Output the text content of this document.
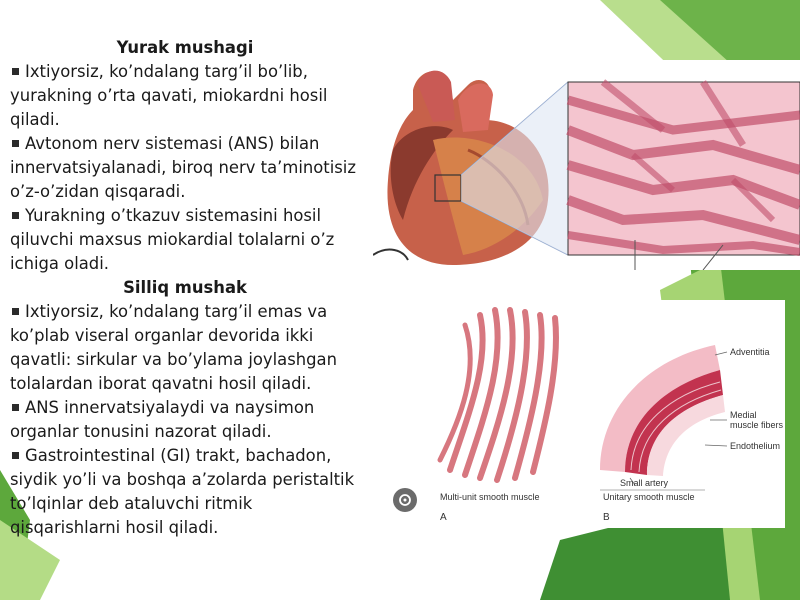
Yurak mushagi
Ixtiyorsiz, ko’ndalang targ’il bo’lib, yurakning o’rta qavati, miokardni hosil qiladi.
Avtonom nerv sistemasi (ANS) bilan innervatsiyalanadi, biroq nerv ta’minotisiz o’z-o’zidan qisqaradi.
Yurakning o’tkazuv sistemasini hosil qiluvchi maxsus miokardial tolalarni o’z ichiga oladi.
Silliq mushak
Ixtiyorsiz, ko’ndalang targ’il emas va ko’plab viseral organlar devorida ikki qavatli: sirkular va bo’ylama joylashgan tolalardan iborat qavatni hosil qiladi.
ANS innervatsiyalaydi va naysimon organlar tonusini nazorat qiladi.
Gastrointestinal (GI) trakt, bachadon, siydik yo’li va boshqa a’zolarda peristaltik to’lqinlar deb ataluvchi ritmik qisqarishlarni hosil qiladi.
Adventitia
Medial
muscle fibers
Endothelium
Small artery
Multi-unit smooth muscle	Unitary smooth muscle
A	B
